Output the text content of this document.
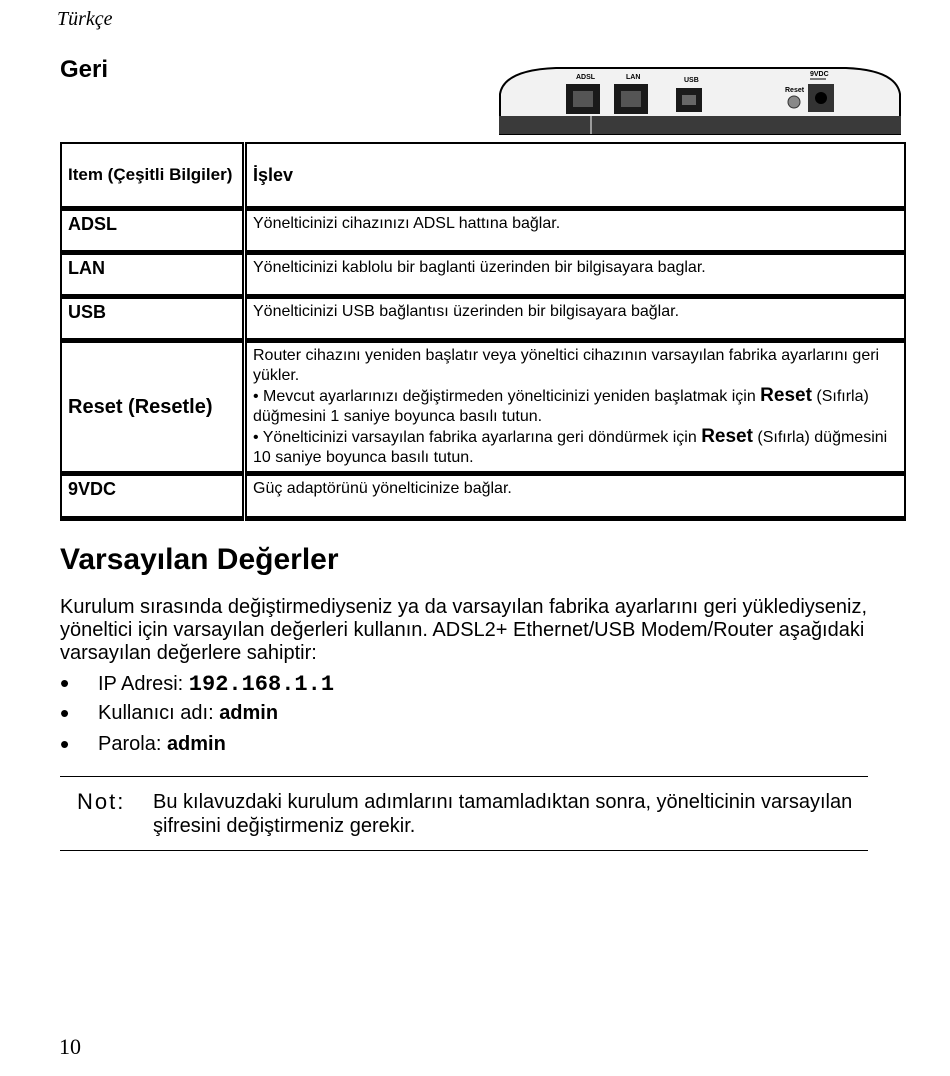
Türkçe
Geri	ADSL	LAN	USB
9VDC
Reset
Item (Çeşitli Bilgiler)	İşlev
ADSL	Yönelticinizi cihazınızı ADSL hattına bağlar.
LAN	Yönelticinizi kablolu bir baglanti üzerinden bir bilgisayara baglar.
USB	Yönelticinizi USB bağlantısı üzerinden bir bilgisayara bağlar.
Reset (Resetle)	Router cihazını yeniden başlatır veya yöneltici cihazının varsayılan fabrika ayarlarını geri yükler.
• Mevcut ayarlarınızı değiştirmeden yönelticinizi yeniden başlatmak için Reset (Sıfırla) düğmesini 1 saniye boyunca basılı tutun.
• Yönelticinizi varsayılan fabrika ayarlarına geri döndürmek için Reset (Sıfırla) düğmesini 10 saniye boyunca basılı tutun.

9VDC	Güç adaptörünü yönelticinize bağlar.
Varsayılan Değerler
Kurulum sırasında değiştirmediyseniz ya da varsayılan fabrika ayarlarını geri yüklediyseniz, yöneltici için varsayılan değerleri kullanın. ADSL2+ Ethernet/USB Modem/Router aşağıdaki varsayılan değerlere sahiptir:
• IP Adresi: 192.168.1.1
• Kullanıcı adı: admin
• Parola: admin
Not: Bu kılavuzdaki kurulum adımlarını tamamladıktan sonra, yönelticinin varsayılan şifresini değiştirmeniz gerekir.
10
